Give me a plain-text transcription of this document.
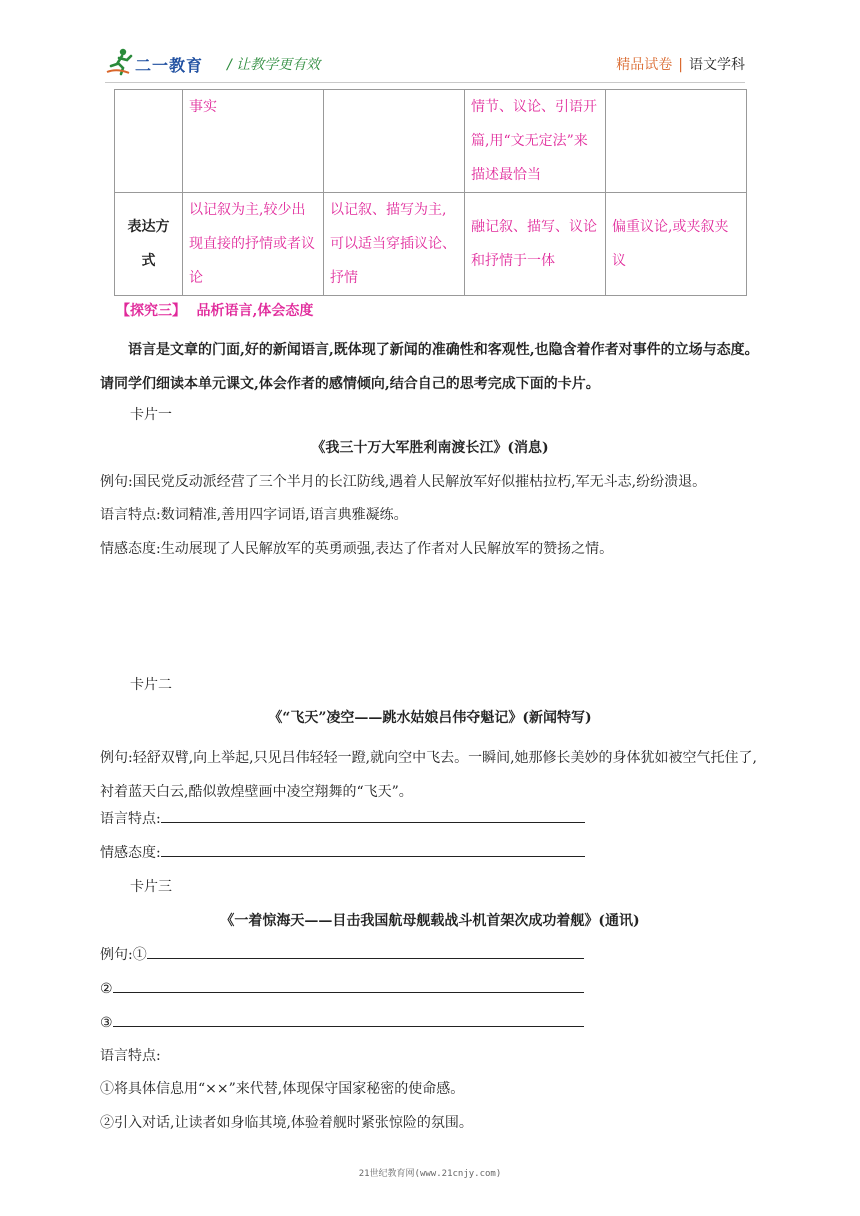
二一教育 / 让教学更有效	精品试卷 | 语文学科
	事实		情节、议论、引语开篇,用“文无定法”来描述最恰当	
表达方式	以记叙为主,较少出现直接的抒情或者议论	以记叙、描写为主,可以适当穿插议论、抒情	融记叙、描写、议论和抒情于一体	偏重议论,或夹叙夹议
【探究三】 品析语言,体会态度
语言是文章的门面,好的新闻语言,既体现了新闻的准确性和客观性,也隐含着作者对事件的立场与态度。请同学们细读本单元课文,体会作者的感情倾向,结合自己的思考完成下面的卡片。
卡片一
《我三十万大军胜利南渡长江》(消息)
例句:国民党反动派经营了三个半月的长江防线,遇着人民解放军好似摧枯拉朽,军无斗志,纷纷溃退。
语言特点:数词精准,善用四字词语,语言典雅凝练。
情感态度:生动展现了人民解放军的英勇顽强,表达了作者对人民解放军的赞扬之情。
卡片二
《“飞天”凌空——跳水姑娘吕伟夺魁记》(新闻特写)
例句:轻舒双臂,向上举起,只见吕伟轻轻一蹬,就向空中飞去。一瞬间,她那修长美妙的身体犹如被空气托住了,衬着蓝天白云,酷似敦煌壁画中凌空翔舞的“飞天”。
语言特点:
情感态度:
卡片三
《一着惊海天——目击我国航母舰载战斗机首架次成功着舰》(通讯)
例句:①
②
③
语言特点:
①将具体信息用“××”来代替,体现保守国家秘密的使命感。
②引入对话,让读者如身临其境,体验着舰时紧张惊险的氛围。
21世纪教育网(www.21cnjy.com)
